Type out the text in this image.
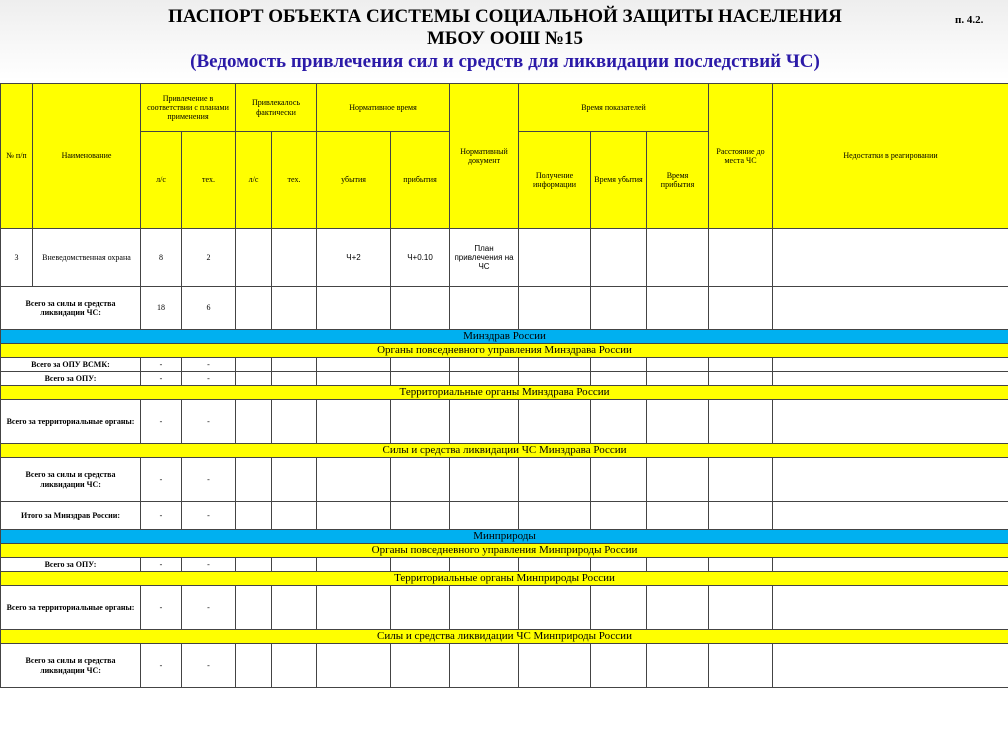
ПАСПОРТ ОБЪЕКТА СИСТЕМЫ СОЦИАЛЬНОЙ ЗАЩИТЫ НАСЕЛЕНИЯ
МБОУ ООШ №15
(Ведомость привлечения сил и средств для ликвидации последствий ЧС)
п. 4.2.
№ п/п	Наименование	Привлечение в соответствии с планами применения		Привлекалось фактически		Нормативное время		Нормативный документ	Время показателей			Расстояние до места ЧС	Недостатки в реагировании
		л/с	тех.	л/с	тех.	убытия	прибытия		Получение информации	Время убытия	Время прибытия		
3	Вневедомственная охрана	8	2			Ч+2	Ч+0.10	План привлечения на ЧС					
Всего за силы и средства ликвидации ЧС:		18	6										
Минздрав России													
Органы повседневного управления Минздрава России													
Всего за ОПУ ВСМК:		-	-										
Всего за ОПУ:		-	-										
Территориальные органы Минздрава России													
Всего за территориальные органы:		-	-										
Силы и средства ликвидации ЧС Минздрава России													
Всего за силы и средства ликвидации ЧС:		-	-										
Итого за Минздрав России:		-	-										
Минприроды													
Органы повседневного управления Минприроды России													
Всего за ОПУ:		-	-										
Территориальные органы Минприроды России													
Всего за территориальные органы:		-	-										
Силы и средства ликвидации ЧС Минприроды России													
Всего за силы и средства ликвидации ЧС:		-	-										
